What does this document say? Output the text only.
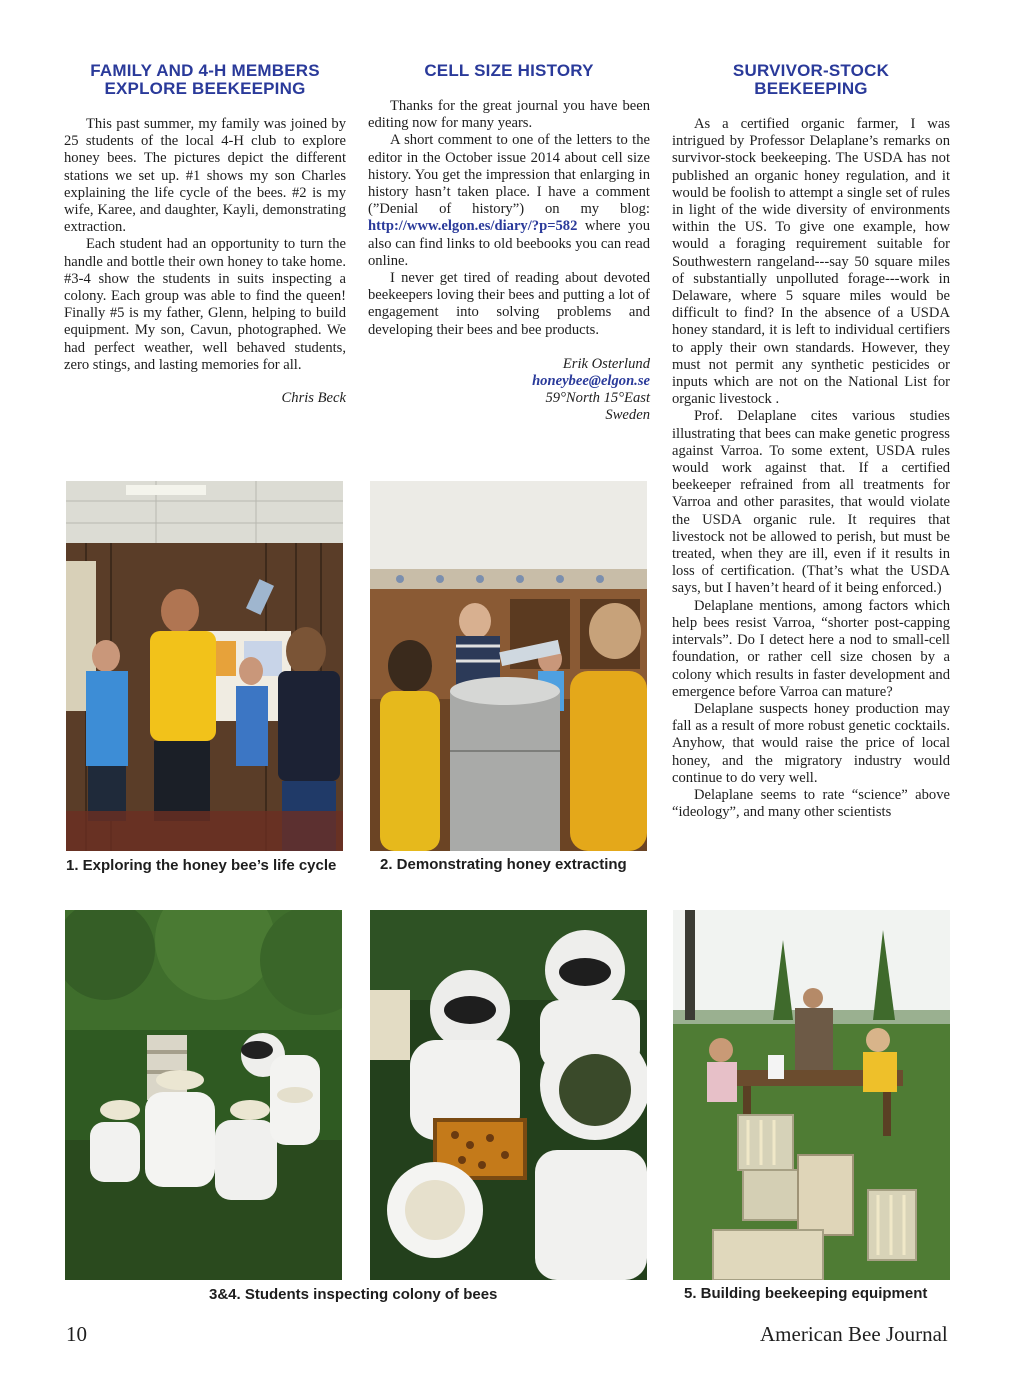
FAMILY AND 4-H MEMBERS
EXPLORE BEEKEEPING

This past summer, my family was joined by 25 students of the local 4-H club to explore honey bees. The pictures depict the different stations we set up. #1 shows my son Charles explaining the life cycle of the bees. #2 is my wife, Karee, and daughter, Kayli, demonstrating extraction.

Each student had an opportunity to turn the handle and bottle their own honey to take home. #3-4 show the students in suits inspecting a colony. Each group was able to find the queen! Finally #5 is my father, Glenn, helping to build equipment. My son, Cavun, photographed. We had perfect weather, well behaved students, zero stings, and lasting memories for all.

Chris Beck
CELL SIZE HISTORY

Thanks for the great journal you have been editing now for many years.

A short comment to one of the letters to the editor in the October issue 2014 about cell size history. You get the impression that enlarging in history hasn’t taken place. I have a comment (”Denial of history”) on my blog: http://www.elgon.es/diary/?p=582 where you also can find links to old beebooks you can read online.

I never get tired of reading about devoted beekeepers loving their bees and putting a lot of engagement into solving problems and developing their bees and bee products.

Erik Osterlund
honeybee@elgon.se
59°North 15°East
Sweden
SURVIVOR-STOCK
BEEKEEPING

As a certified organic farmer, I was intrigued by Professor Delaplane’s remarks on survivor-stock beekeeping. The USDA has not published an organic honey regulation, and it would be foolish to attempt a single set of rules in light of the wide diversity of environments within the US. To give one example, how would a foraging requirement suitable for Southwestern rangeland---say 50 square miles of substantially unpolluted forage---work in Delaware, where 5 square miles would be difficult to find? In the absence of a USDA honey standard, it is left to individual certifiers to apply their own standards. However, they must not permit any synthetic pesticides or inputs which are not on the National List for organic livestock .

Prof. Delaplane cites various studies illustrating that bees can make genetic progress against Varroa. To some extent, USDA rules would work against that. If a certified beekeeper refrained from all treatments for Varroa and other parasites, that would violate the USDA organic rule. It requires that livestock not be allowed to perish, but must be treated, when they are ill, even if it results in loss of certification. (That’s what the USDA says, but I haven’t heard of it being enforced.)

Delaplane mentions, among factors which help bees resist Varroa, “shorter post-capping intervals”. Do I detect here a nod to small-cell foundation, or rather cell size chosen by a colony which results in faster development and emergence before Varroa can mature?

Delaplane suspects honey production may fall as a result of more robust genetic cocktails. Anyhow, that would raise the price of local honey, and the migratory industry would continue to do very well.

Delaplane seems to rate “science” above “ideology”, and many other scientists

1. Exploring the honey bee’s life cycle	2. Demonstrating honey extracting
3&4. Students inspecting colony of bees	5. Building beekeeping equipment
10	American Bee Journal
